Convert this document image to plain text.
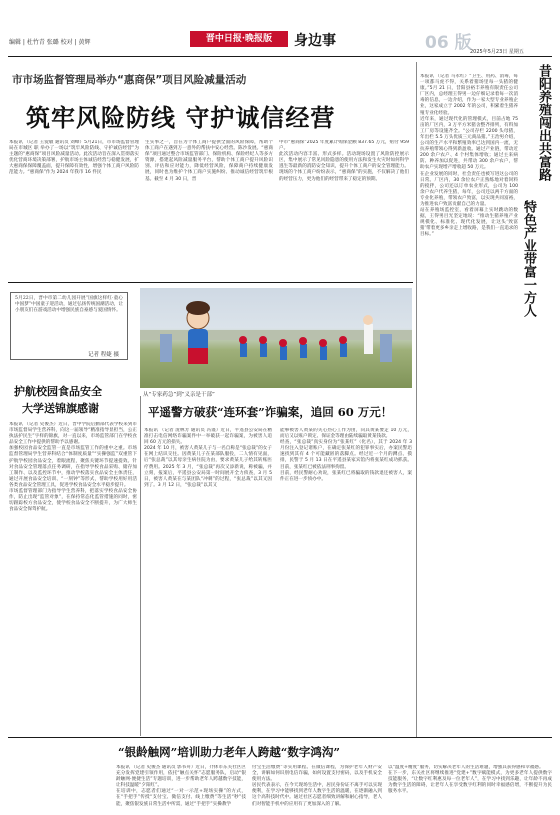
编辑 | 杜竹青 张璐 校对 | 黄辉	晋中日报·晚报版	身边事	06 版
2025年5月23日 星期五
市市场监督管理局举办“惠商保”项目风险减量活动
筑牢风险防线 守护诚信经营
本报讯 （记者 王爱敏 通讯员 刘峰）5月21日，市市场监督管理局在市城区 职 举办了一场以“筑牢风险防线、守护诚信经营”为主题的“惠商保”项目风险减量活动。此次活动旨在深入贯彻落实优化营商环境决策部署，护航市场主体诚信经营与稳健发展，扩大惠商保保障覆盖面，提升保障有效性，增强个体工商户风险防范能力。“惠商保”作为 2024 年我市 16 件民
生实事之一，旨在为个体工商户提供全面的风险保障，帮助个体工商户在遇到万一意外的帮扶中安心经营。陈沙发展。“惠商保”项目通过整合市场监管部门、保险机构、保险经纪人等多方资源，搭建起风险减量服务平台，帮助个体工商户提升风险识别、评估和应对能力，降低经营风险，保障商户持续健康发展，同时也为维护个体工商户实施纠纷、推动诚信经营筑牢根基。截至 4 月 30 日，晋
中市“惠商保”2025 年度累计购保金额 837.65 万元，赔付 959 户。
此次活动内容丰富、形式多样。活动现场设置了风险防控展示区，集中展示了常见风险隐患的使用方法和发生火灾时如何科学逃生等最新的消防安全知识，提升个体工商户的安全管理能力。现场的个体工商户纷纷表示，“惠商保”的实施，不仅解决了他们的经营压力，更为他们的经营带来了稳定的预期。
本报讯 （记者 马永红）“卫生、用药、消毒，每一项都马虎不得，关系着猪场里每一头猪的健康。”5月 21 日，昔阳县裕丰养殖有限责任公司厂区内，总经理王得男一边仔细记录着每一次消毒的信息，一边介绍，作为一家大型专业养殖企业，这家成立于 2002 年的公司，积累着生猪养殖专业化经验。
近年来，通过现代化的管理模式，目前占地 75 亩的厂区内，3 万平方米猪舍整齐排列，有料加工厂房等设施齐全。“公司存栏 2200 头母猪，年出栏 5.5 万头优质三元商品猪。”王治男介绍，公司的生产水平和繁殖效率已达到国内一流，无抗养殖带领心得到新盈收。通过产业链，带动近 200 余户农户、4 个村集体增收；通过主来病防、种养加以促进，共带动 300 余户农户，帮助农户实现增产增收超 50 万元。
在企业发展的同时，社会责任也被写进这公司的日常。厂区内，30 余位农户正熟练地对着饲料的搅拌，公司还以订单农业形式，公司为 100 余户农户代养生猪，每年，公司还以两千方面的专业化养殖，带领农户致富，以实现共同富裕，为推进农户致富贡献自己的力量。
站在养殖场监控室，看着屏幕上实时跳动的数据，王得男目光坚定地说：“推动生猪养殖产业规模化、标准化、现代化发展，让这头‘致富猪’带着更多乡亲走上增收路，是我们一直追求的目标。”
昔阳养殖闯出共富路
特色产业带富一方人
5月22日，晋中市第二幼儿园开展“国旗这样红·童心中国梦”中国童子迎活动，通过弘扬传统国潮活动，让小朋友们在游戏活动中增强民族自豪感与爱国情怀。
记者 程婕 摄
从“专家药急”到“义亲是干部”
护航校园食品安全
大学送锦旗感谢
本报讯 （记者 史俊杰）近日，晋中学院后勤部代表学校来到市市场监督局学生营养科，向这一届领导“精准指导显担当，公正执法护民生”字样的锦旗，对一直以来，市场监管部门在学校食品安全工作中提供的帮助予以感谢。
加强校园食品安全监管一直是市场监管工作的重中之重。市场监督管理局学生营养科结合“体制度质量”“实操强监”双重管下护航学校园食品安全，着眼流程，聚焦关键环节提速提效。针对食品安全管理落点任务调研，在指导学校食品采购、储存加工制作、以及监控环节中，推动学校落实食品安全主体责任，通过开展食品安全培训、“一刻钟”等形式，帮助学校用好用活各类食品安全管理工具，促进学校食品安全水平稳步提升。
市场监督管理部门为指导学生营养科，把落实学校食品安全协作，防止出现“监管对象”，在保持常态化监管措施的同时，密切跟踪校方食品安全，使学校食品安全不断提升，为广大师生食品安全保驾护航。
平遥警方破获“连环套”诈骗案，追回 60 万元！
本报讯 （记者 庞林芳 通讯员 冯谨）近日，平遥县公安局在精准打击电信网络诈骗案件中一举破获一起诈骗案，为被害人追回 60 万元的损失。
2024 年 10 月，被害人黄某儿子与一名自称是“张总裁”的女子在网上结识交往。因黄某儿子在某部队服役，二人情有见面，后“张总裁”以其母亲生病住院为由，要求黄某儿子给其转账医疗费用。2025 年 3 月，“张总裁”再次又添新说，称被骗，并立刻，报案后，平遥县公安局第一时间展开全力侦查，3 月 5 日，被害人黄某在与某团队“冲刺”的过程，“张总裁”以其又因到了。3 月 12 日，“张总裁”以其又
能够被害人黄某的关心热心工作为由，向其黄某要走 10 万元，而后又以账户锁定、保证金等理由陆续骗取黄某钱款。
经查，“张总裁”真实身份为“张某红”（化名），其于 2024 年 3 月份注入登记诸账户，在确定张某红的犯罪事实后，办案民警迅速找到其有 4 个可能藏匿的落脚点。经过近一个月的蹲点、摸排，民警于 5 月 13 日在平遥县某家宾馆内将张某红成功抓获。目前，张某红已被依法刑事拘留。
目前，经民警耐心劝说，张某红已将骗取的钱款退还被害人，案件正在进一步侦办中。
“银龄触网”培训助力老年人跨越“数字鸿沟”
本报讯 （记者 史俊杰 通讯员 郭书舟）近日，介休市东关社区区充分发挥党建引领作用，依托“触点关怀”志愿服务队，启动“银龄触网·便捷生活”专题培训，进一步帮助老年人跨越数字技能，让科技温暖“夕阳红”。
在培训中，志愿者们通过“一对一示范+现场实操”的方式，在“手把手”传授“支付宝、微信支付、线上缴费”等生活“秒”技能，聚焦银发族日常生活中所需，通过“手把手”实操教学
付宝生活缴费”等实用课程。在微信课程，为保护老年人财产安全，讲解如何识别电信诈骗，如何设置支付密码，以及手机安全使用方法。
居民代表表示，在今天现场生活中，居民身份证不离手可以实现便利，在学习中能够找到老年人数字生活的温暖，在逐渐融入到这个高科技时代中。通过社区志愿者细致讲解和耐心指导，老人们对智能手机中的应用有了更加深入的了解。
以“温度+精度”服务，切实解决老年人的生活难题，增强其获得感和幸福感。
在下一步，东关社区将继续推进“党建+”数字赋能模式，为更多老年人提供数字技能服务，“让数字红利惠及每一位老年人”，在学习中找到乐趣，让年龄不再成为数字生活的障碍，让老年人在享受数字红利的同时幸福感倍增，不断提升为民服务水平。
